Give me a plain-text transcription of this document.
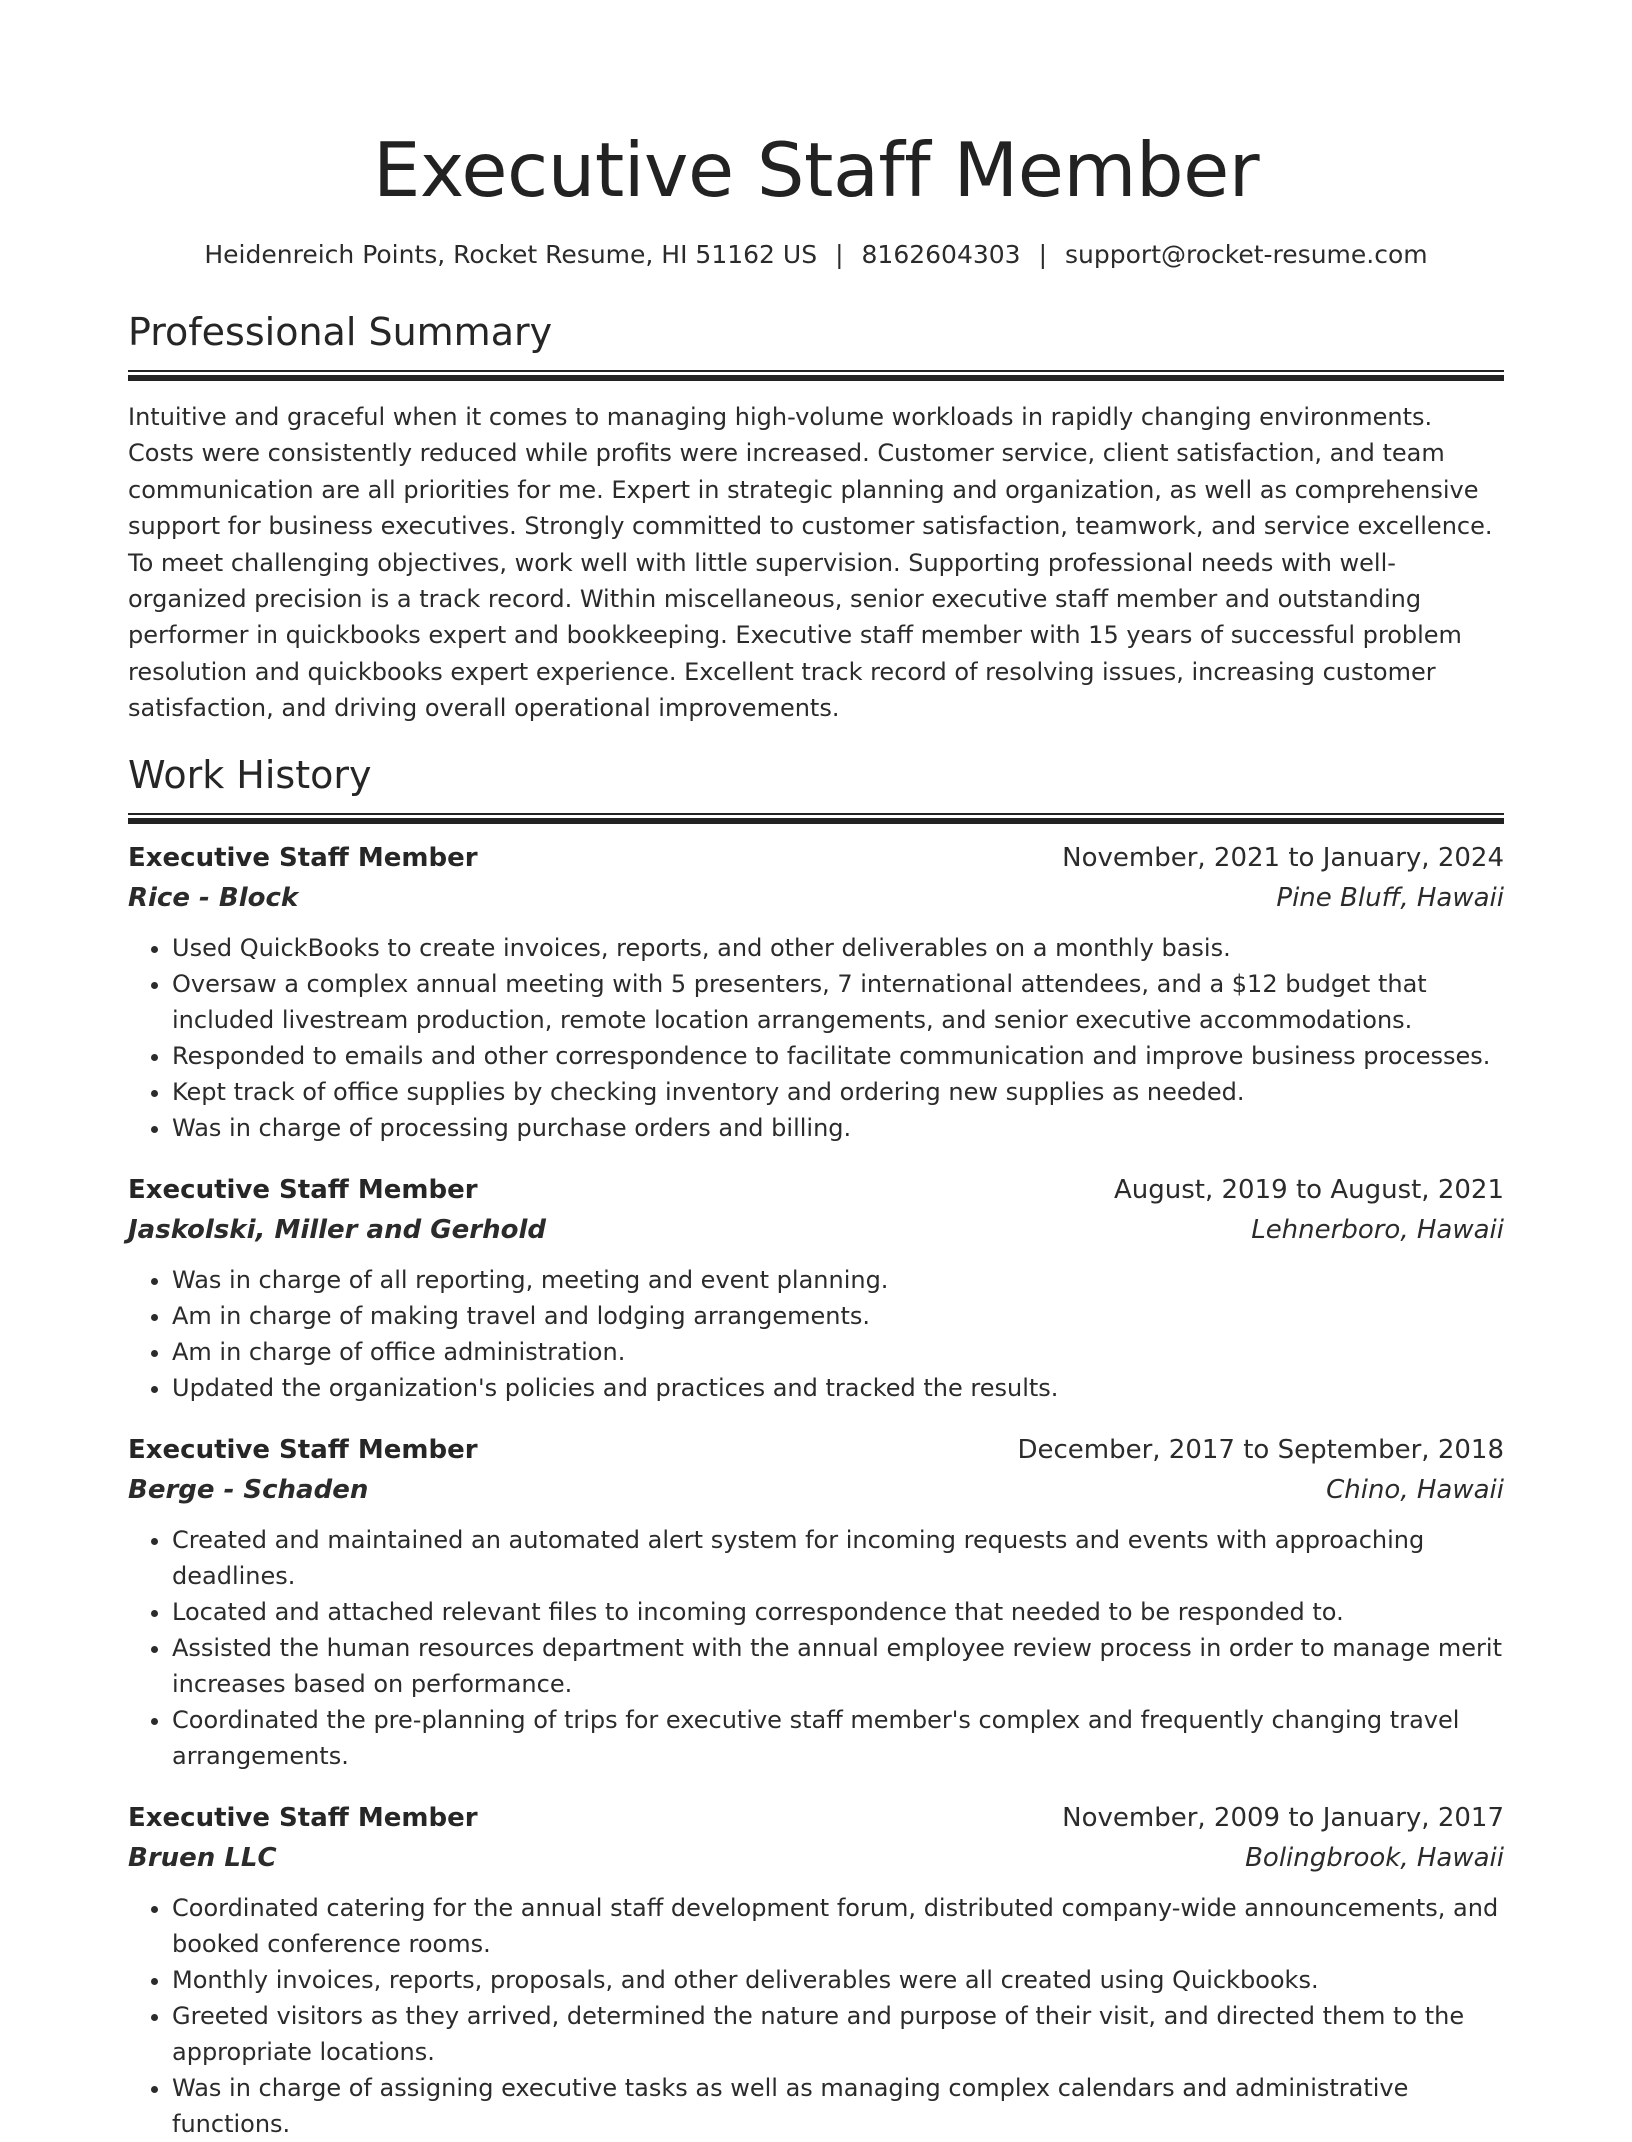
Executive Staff Member
Heidenreich Points, Rocket Resume, HI 51162 US | 8162604303 | support@rocket-resume.com
Professional Summary

Intuitive and graceful when it comes to managing high-volume workloads in rapidly changing environments. Costs were consistently reduced while profits were increased. Customer service, client satisfaction, and team communication are all priorities for me. Expert in strategic planning and organization, as well as comprehensive support for business executives. Strongly committed to customer satisfaction, teamwork, and service excellence. To meet challenging objectives, work well with little supervision. Supporting professional needs with well-organized precision is a track record. Within miscellaneous, senior executive staff member and outstanding performer in quickbooks expert and bookkeeping. Executive staff member with 15 years of successful problem resolution and quickbooks expert experience. Excellent track record of resolving issues, increasing customer satisfaction, and driving overall operational improvements.

Work History
Executive Staff Member	November, 2021 to January, 2024
Rice - Block	Pine Bluff, Hawaii
• Used QuickBooks to create invoices, reports, and other deliverables on a monthly basis.
• Oversaw a complex annual meeting with 5 presenters, 7 international attendees, and a $12 budget that included livestream production, remote location arrangements, and senior executive accommodations.
• Responded to emails and other correspondence to facilitate communication and improve business processes.
• Kept track of office supplies by checking inventory and ordering new supplies as needed.
• Was in charge of processing purchase orders and billing.
Executive Staff Member	August, 2019 to August, 2021
Jaskolski, Miller and Gerhold	Lehnerboro, Hawaii
• Was in charge of all reporting, meeting and event planning.
• Am in charge of making travel and lodging arrangements.
• Am in charge of office administration.
• Updated the organization's policies and practices and tracked the results.
Executive Staff Member	December, 2017 to September, 2018
Berge - Schaden	Chino, Hawaii
• Created and maintained an automated alert system for incoming requests and events with approaching deadlines.
• Located and attached relevant files to incoming correspondence that needed to be responded to.
• Assisted the human resources department with the annual employee review process in order to manage merit increases based on performance.
• Coordinated the pre-planning of trips for executive staff member's complex and frequently changing travel arrangements.
Executive Staff Member	November, 2009 to January, 2017
Bruen LLC	Bolingbrook, Hawaii
• Coordinated catering for the annual staff development forum, distributed company-wide announcements, and booked conference rooms.
• Monthly invoices, reports, proposals, and other deliverables were all created using Quickbooks.
• Greeted visitors as they arrived, determined the nature and purpose of their visit, and directed them to the appropriate locations.
• Was in charge of assigning executive tasks as well as managing complex calendars and administrative functions.
